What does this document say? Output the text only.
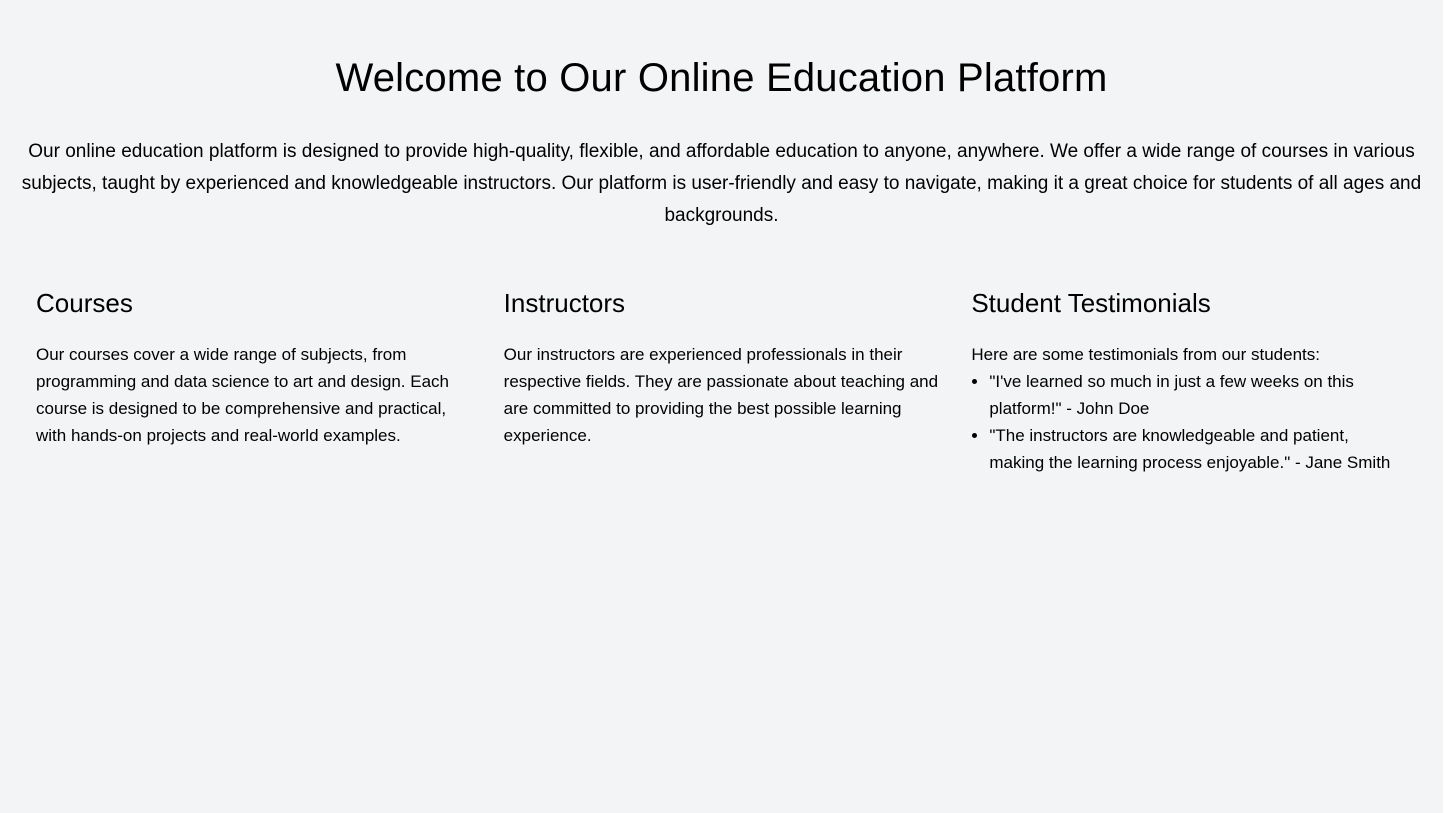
Welcome to Our Online Education Platform

Our online education platform is designed to provide high-quality, flexible, and affordable education to anyone, anywhere. We offer a wide range of courses in various subjects, taught by experienced and knowledgeable instructors. Our platform is user-friendly and easy to navigate, making it a great choice for students of all ages and backgrounds.

Courses

Our courses cover a wide range of subjects, from programming and data science to art and design. Each course is designed to be comprehensive and practical, with hands-on projects and real-world examples.

Instructors

Our instructors are experienced professionals in their respective fields. They are passionate about teaching and are committed to providing the best possible learning experience.

Student Testimonials
Here are some testimonials from our students:
• "I've learned so much in just a few weeks on this platform!" - John Doe
• "The instructors are knowledgeable and patient, making the learning process enjoyable." - Jane Smith
